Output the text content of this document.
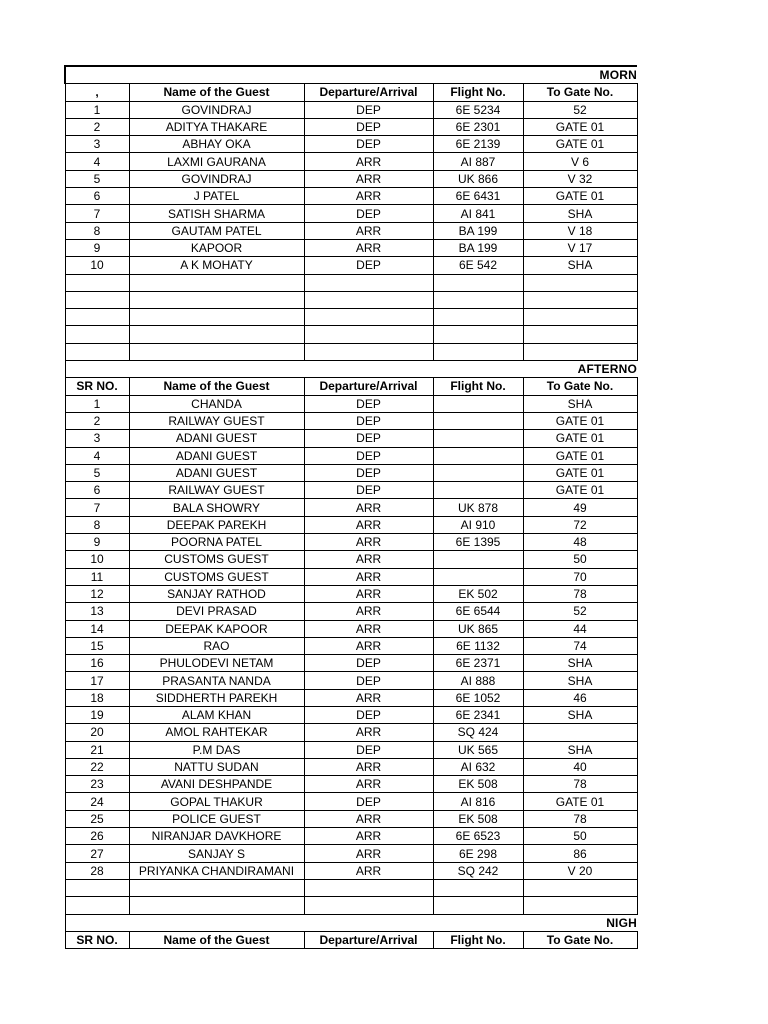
MORN				
,	Name of the Guest	Departure/Arrival	Flight No.	To Gate No.
1	GOVINDRAJ	DEP	6E 5234	52
2	ADITYA THAKARE	DEP	6E 2301	GATE 01
3	ABHAY OKA	DEP	6E 2139	GATE 01
4	LAXMI GAURANA	ARR	AI 887	V 6
5	GOVINDRAJ	ARR	UK 866	V 32
6	J PATEL	ARR	6E 6431	GATE 01
7	SATISH SHARMA	DEP	AI 841	SHA
8	GAUTAM PATEL	ARR	BA 199	V 18
9	KAPOOR	ARR	BA 199	V 17
10	A K MOHATY	DEP	6E 542	SHA

AFTERNO				
SR NO.	Name of the Guest	Departure/Arrival	Flight No.	To Gate No.
1	CHANDA	DEP		SHA
2	RAILWAY GUEST	DEP		GATE 01
3	ADANI GUEST	DEP		GATE 01
4	ADANI GUEST	DEP		GATE 01
5	ADANI GUEST	DEP		GATE 01
6	RAILWAY GUEST	DEP		GATE 01
7	BALA SHOWRY	ARR	UK 878	49
8	DEEPAK PAREKH	ARR	AI 910	72
9	POORNA PATEL	ARR	6E 1395	48
10	CUSTOMS GUEST	ARR		50
11	CUSTOMS GUEST	ARR		70
12	SANJAY RATHOD	ARR	EK 502	78
13	DEVI PRASAD	ARR	6E 6544	52
14	DEEPAK KAPOOR	ARR	UK 865	44
15	RAO	ARR	6E 1132	74
16	PHULODEVI NETAM	DEP	6E 2371	SHA
17	PRASANTA NANDA	DEP	AI 888	SHA
18	SIDDHERTH PAREKH	ARR	6E 1052	46
19	ALAM KHAN	DEP	6E 2341	SHA
20	AMOL RAHTEKAR	ARR	SQ 424	
21	P.M DAS	DEP	UK 565	SHA
22	NATTU SUDAN	ARR	AI 632	40
23	AVANI DESHPANDE	ARR	EK 508	78
24	GOPAL THAKUR	DEP	AI 816	GATE 01
25	POLICE GUEST	ARR	EK 508	78
26	NIRANJAR DAVKHORE	ARR	6E 6523	50
27	SANJAY S	ARR	6E 298	86
28	PRIYANKA CHANDIRAMANI	ARR	SQ 242	V 20

NIGH				
SR NO.	Name of the Guest	Departure/Arrival	Flight No.	To Gate No.
